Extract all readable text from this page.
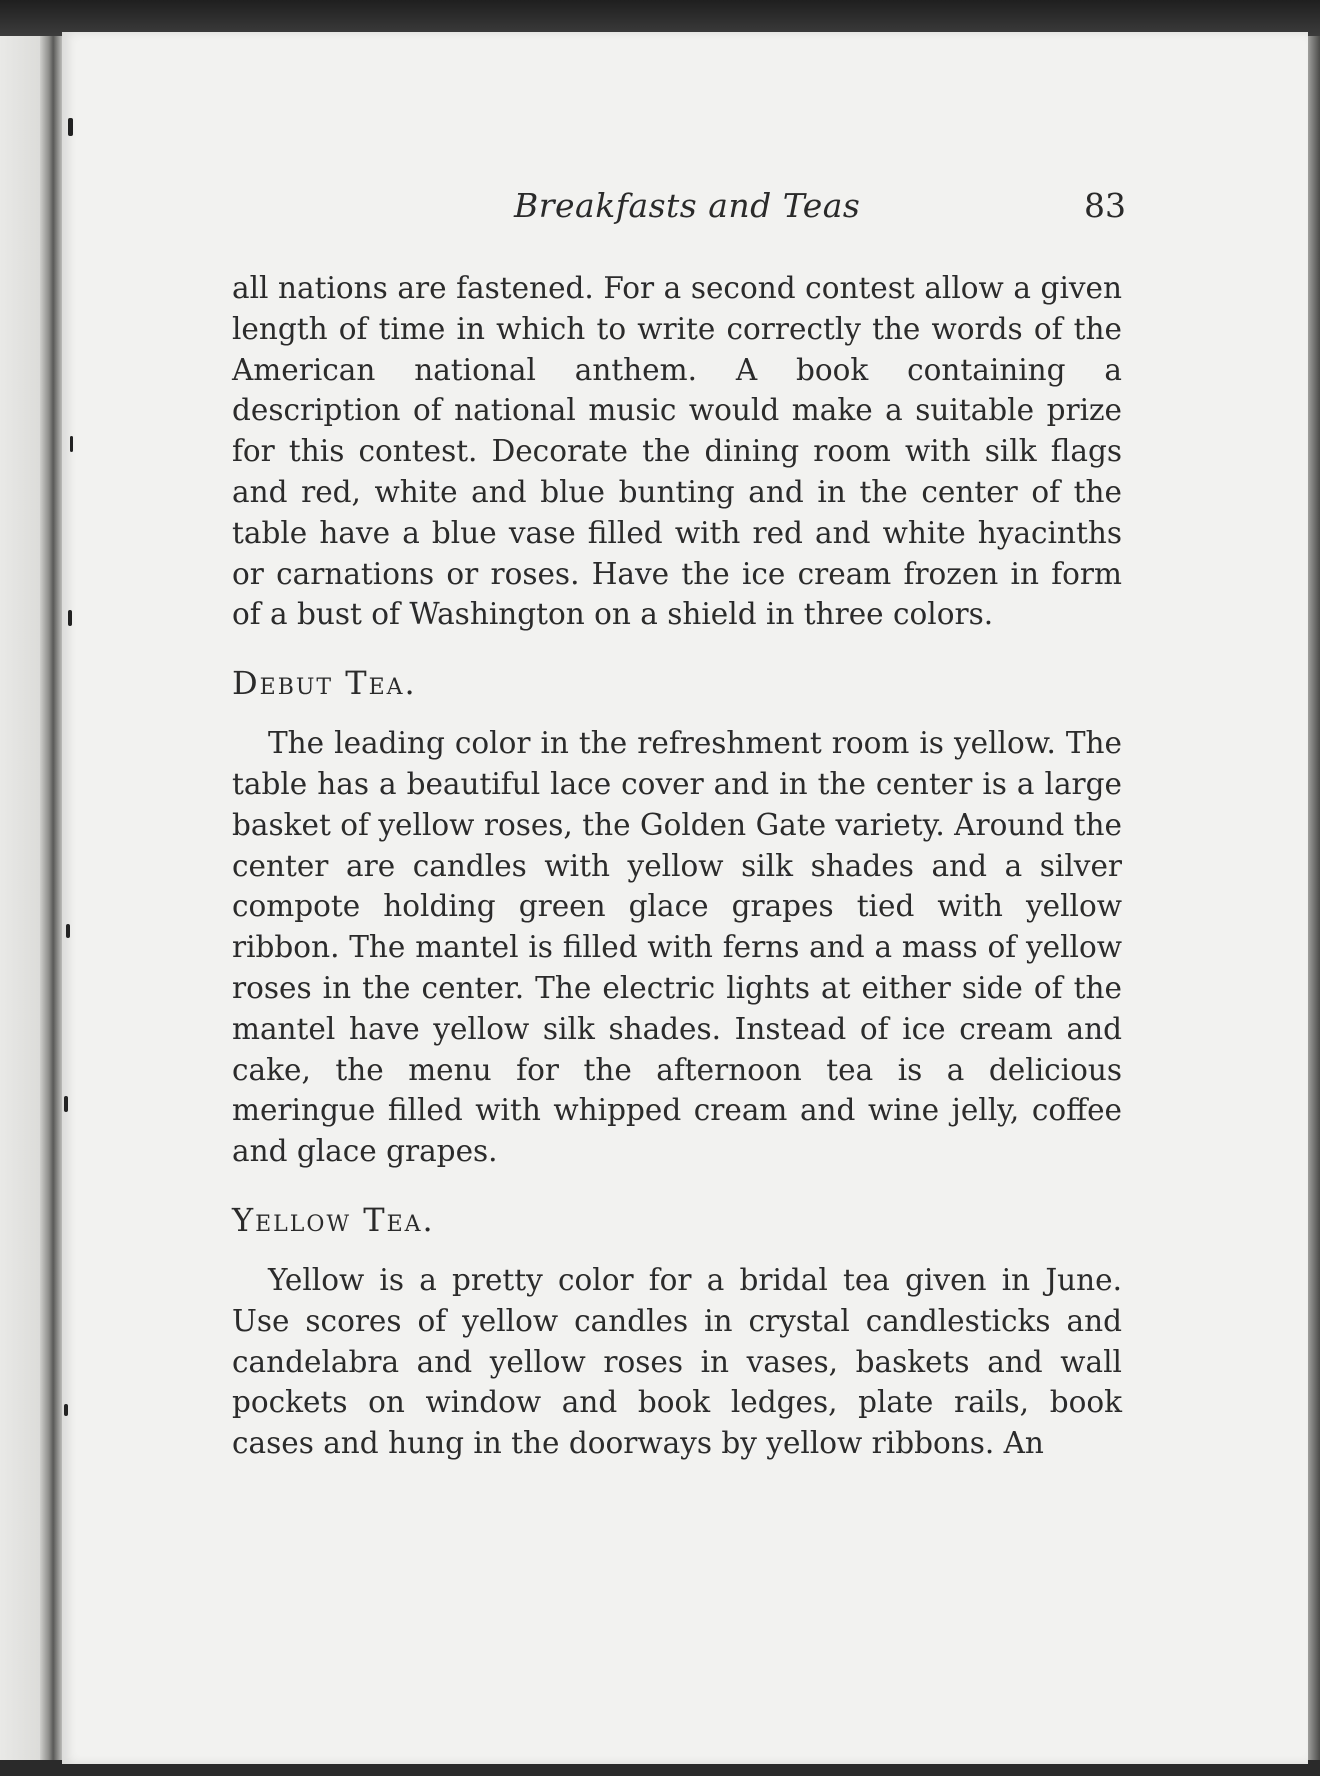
Breakfasts and Teas	83

all nations are fastened. For a second contest allow a given length of time in which to write correctly the words of the American national anthem. A book containing a description of national music would make a suitable prize for this contest. Decorate the dining room with silk flags and red, white and blue bunting and in the center of the table have a blue vase filled with red and white hyacinths or carnations or roses. Have the ice cream frozen in form of a bust of Washington on a shield in three colors.

Debut Tea.

The leading color in the refreshment room is yellow. The table has a beautiful lace cover and in the center is a large basket of yellow roses, the Golden Gate variety. Around the center are candles with yellow silk shades and a silver compote holding green glace grapes tied with yellow ribbon. The mantel is filled with ferns and a mass of yellow roses in the center. The electric lights at either side of the mantel have yellow silk shades. Instead of ice cream and cake, the menu for the afternoon tea is a delicious meringue filled with whipped cream and wine jelly, coffee and glace grapes.

Yellow Tea.

Yellow is a pretty color for a bridal tea given in June. Use scores of yellow candles in crystal candlesticks and candelabra and yellow roses in vases, baskets and wall pockets on window and book ledges, plate rails, book cases and hung in the doorways by yellow ribbons. An
